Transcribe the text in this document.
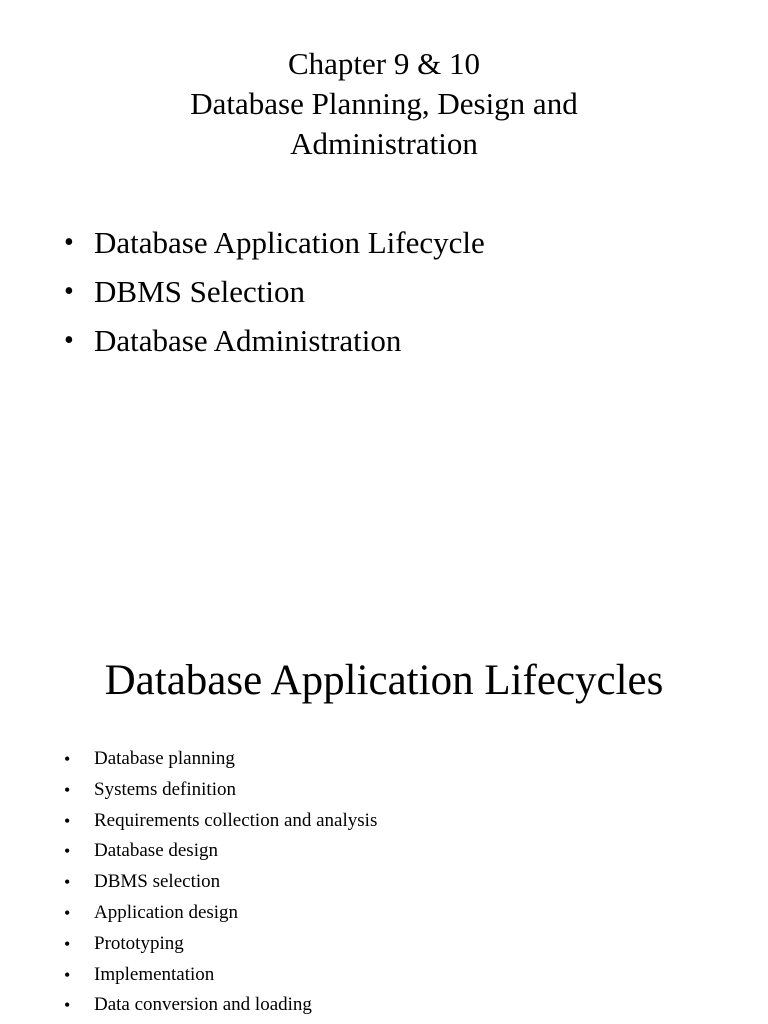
Chapter 9 & 10
Database Planning, Design and
Administration
• Database Application Lifecycle
• DBMS Selection
• Database Administration
Database Application Lifecycles
• Database planning
• Systems definition
• Requirements collection and analysis
• Database design
• DBMS selection
• Application design
• Prototyping
• Implementation
• Data conversion and loading
